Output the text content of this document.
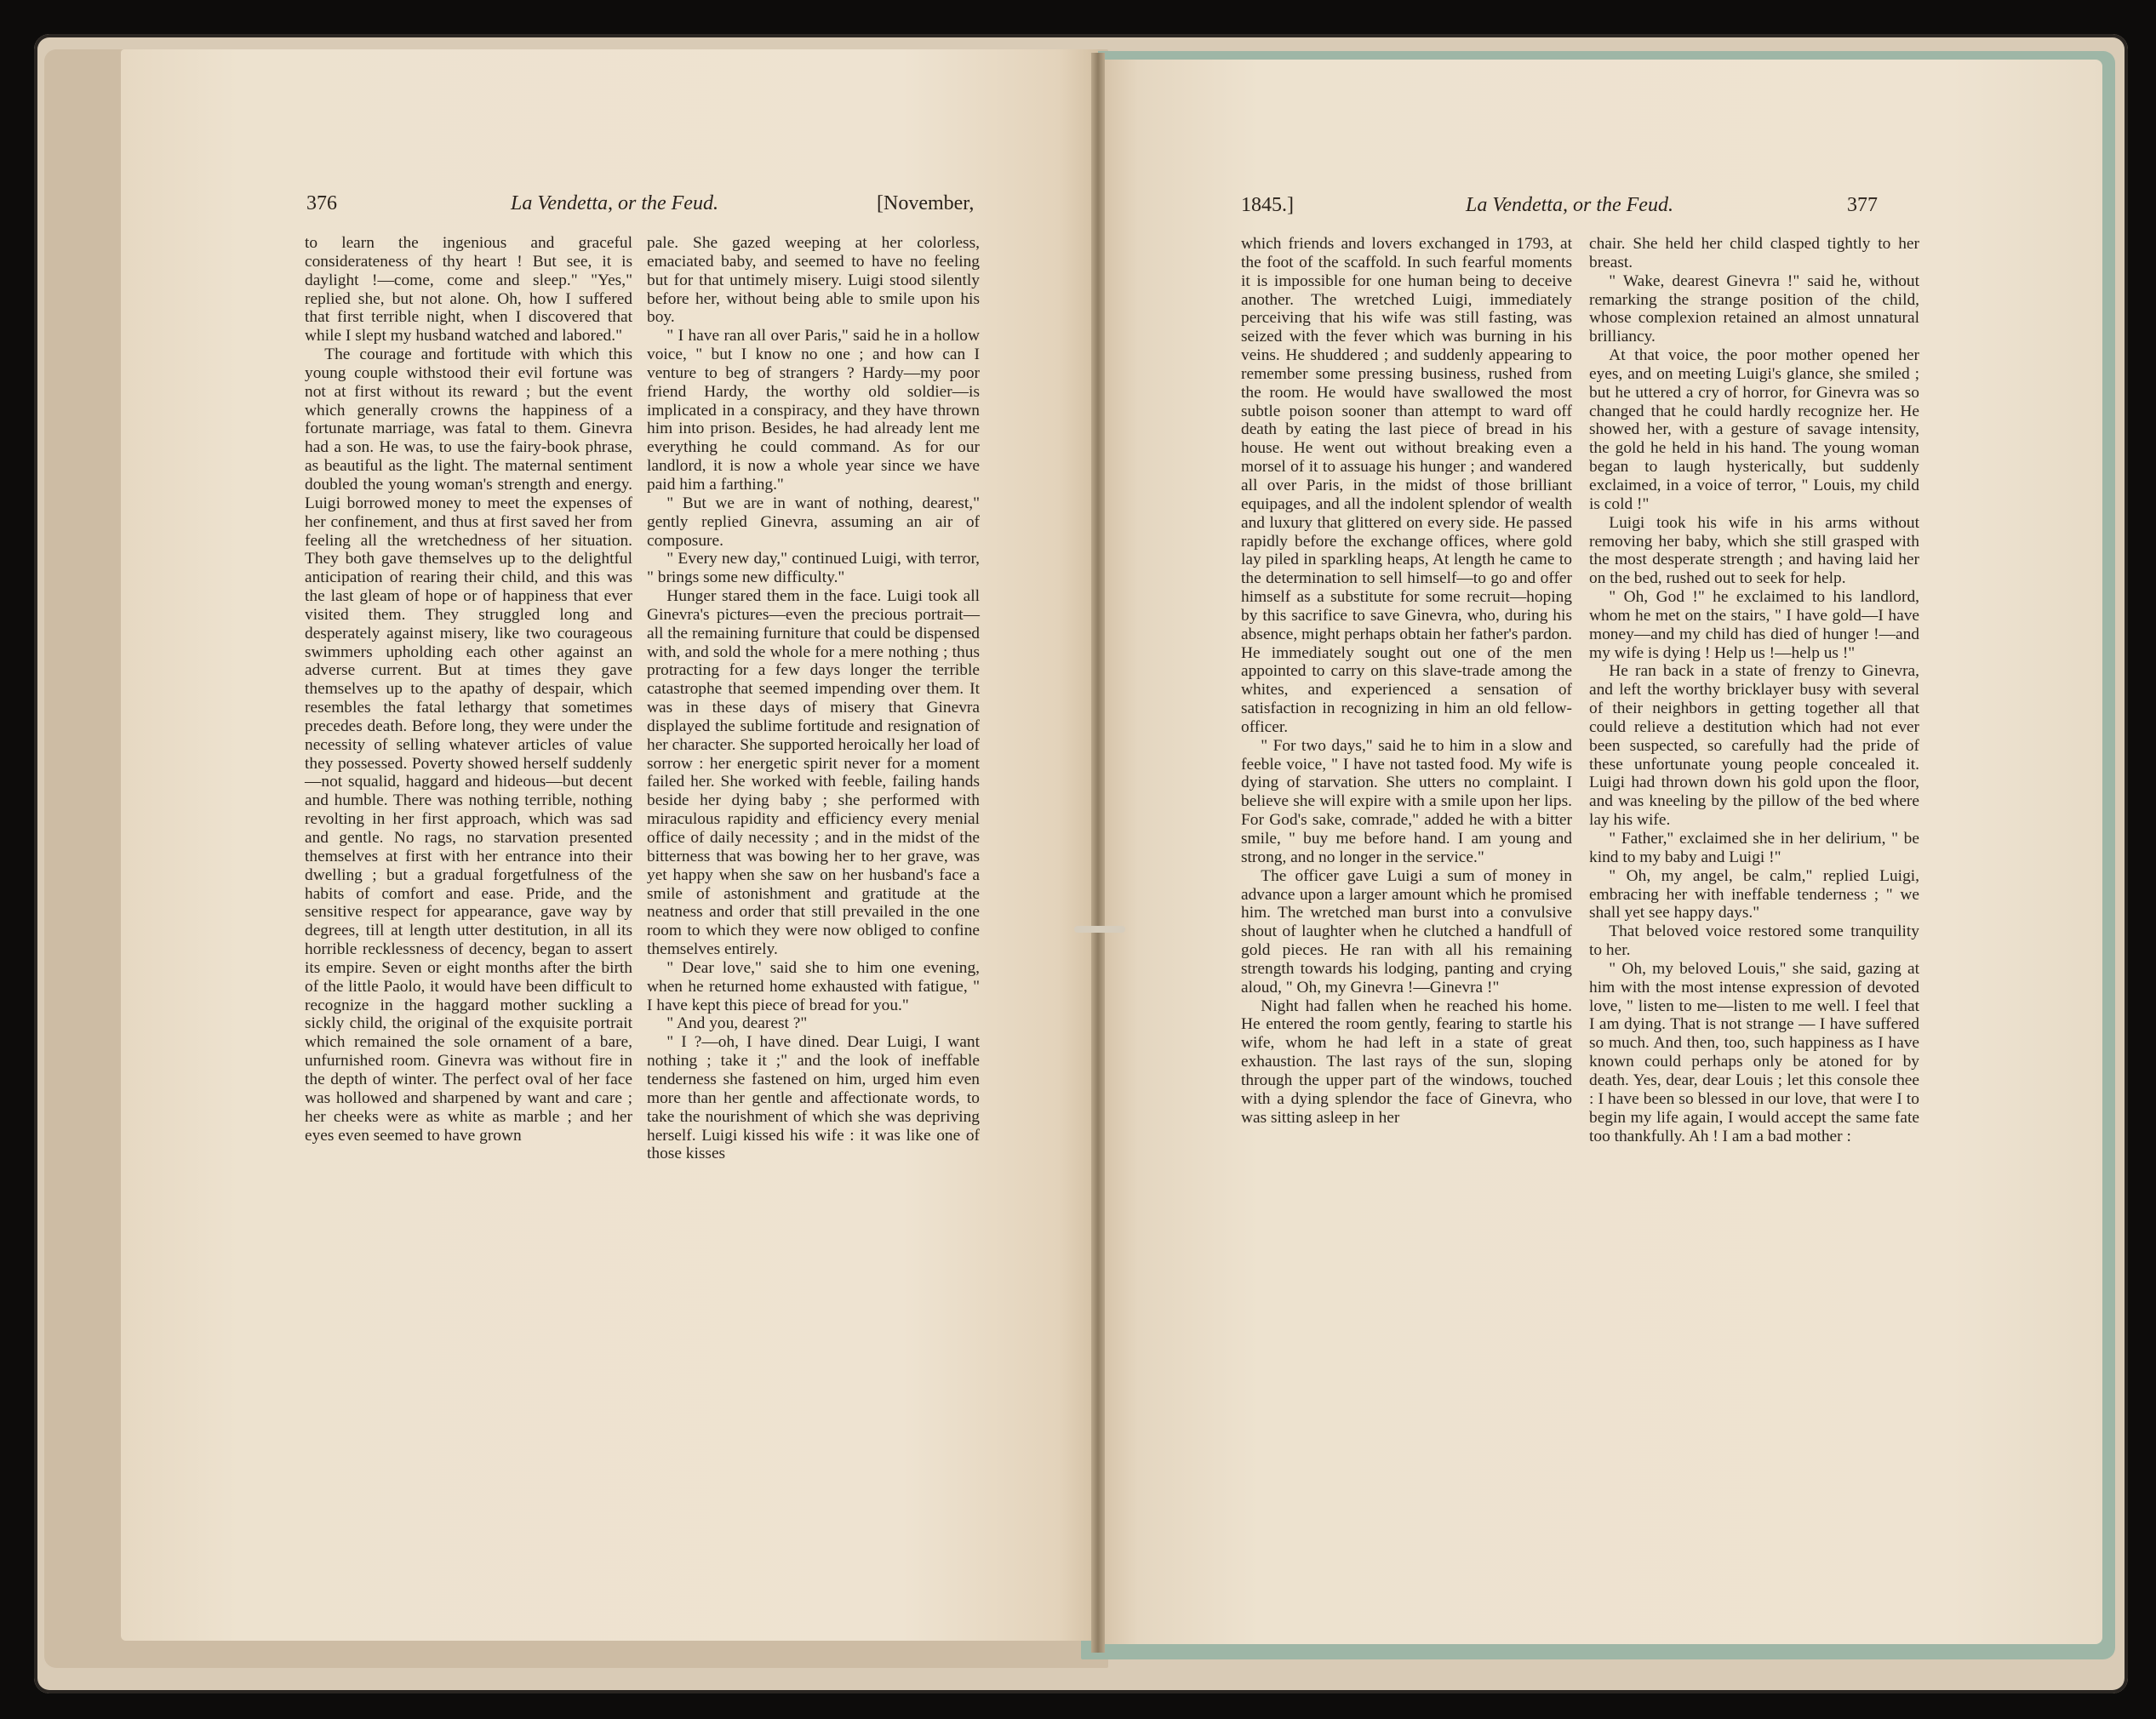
376	La Vendetta, or the Feud.	[November,

to learn the ingenious and graceful considerateness of thy heart ! But see, it is daylight !—come, come and sleep." "Yes," replied she, but not alone. Oh, how I suffered that first terrible night, when I discovered that while I slept my husband watched and labored."

The courage and fortitude with which this young couple withstood their evil fortune was not at first without its reward ; but the event which generally crowns the happiness of a fortunate marriage, was fatal to them. Ginevra had a son. He was, to use the fairy-book phrase, as beautiful as the light. The maternal sentiment doubled the young woman's strength and energy. Luigi borrowed money to meet the expenses of her confinement, and thus at first saved her from feeling all the wretchedness of her situation. They both gave themselves up to the delightful anticipation of rearing their child, and this was the last gleam of hope or of happiness that ever visited them. They struggled long and desperately against misery, like two courageous swimmers upholding each other against an adverse current. But at times they gave themselves up to the apathy of despair, which resembles the fatal lethargy that sometimes precedes death. Before long, they were under the necessity of selling whatever articles of value they possessed. Poverty showed herself suddenly—not squalid, haggard and hideous—but decent and humble. There was nothing terrible, nothing revolting in her first approach, which was sad and gentle. No rags, no starvation presented themselves at first with her entrance into their dwelling ; but a gradual forgetfulness of the habits of comfort and ease. Pride, and the sensitive respect for appearance, gave way by degrees, till at length utter destitution, in all its horrible recklessness of decency, began to assert its empire. Seven or eight months after the birth of the little Paolo, it would have been difficult to recognize in the haggard mother suckling a sickly child, the original of the exquisite portrait which remained the sole ornament of a bare, unfurnished room. Ginevra was without fire in the depth of winter. The perfect oval of her face was hollowed and sharpened by want and care ; her cheeks were as white as marble ; and her eyes even seemed to have grown

pale. She gazed weeping at her colorless, emaciated baby, and seemed to have no feeling but for that untimely misery. Luigi stood silently before her, without being able to smile upon his boy.

" I have ran all over Paris," said he in a hollow voice, " but I know no one ; and how can I venture to beg of strangers ? Hardy—my poor friend Hardy, the worthy old soldier—is implicated in a conspiracy, and they have thrown him into prison. Besides, he had already lent me everything he could command. As for our landlord, it is now a whole year since we have paid him a farthing."

" But we are in want of nothing, dearest," gently replied Ginevra, assuming an air of composure.

" Every new day," continued Luigi, with terror, " brings some new difficulty."

Hunger stared them in the face. Luigi took all Ginevra's pictures—even the precious portrait—all the remaining furniture that could be dispensed with, and sold the whole for a mere nothing ; thus protracting for a few days longer the terrible catastrophe that seemed impending over them. It was in these days of misery that Ginevra displayed the sublime fortitude and resignation of her character. She supported heroically her load of sorrow : her energetic spirit never for a moment failed her. She worked with feeble, failing hands beside her dying baby ; she performed with miraculous rapidity and efficiency every menial office of daily necessity ; and in the midst of the bitterness that was bowing her to her grave, was yet happy when she saw on her husband's face a smile of astonishment and gratitude at the neatness and order that still prevailed in the one room to which they were now obliged to confine themselves entirely.

" Dear love," said she to him one evening, when he returned home exhausted with fatigue, " I have kept this piece of bread for you."

" And you, dearest ?"

" I ?—oh, I have dined. Dear Luigi, I want nothing ; take it ;" and the look of ineffable tenderness she fastened on him, urged him even more than her gentle and affectionate words, to take the nourishment of which she was depriving herself. Luigi kissed his wife : it was like one of those kisses

1845.]	La Vendetta, or the Feud.	377

which friends and lovers exchanged in 1793, at the foot of the scaffold. In such fearful moments it is impossible for one human being to deceive another. The wretched Luigi, immediately perceiving that his wife was still fasting, was seized with the fever which was burning in his veins. He shuddered ; and suddenly appearing to remember some pressing business, rushed from the room. He would have swallowed the most subtle poison sooner than attempt to ward off death by eating the last piece of bread in his house. He went out without breaking even a morsel of it to assuage his hunger ; and wandered all over Paris, in the midst of those brilliant equipages, and all the indolent splendor of wealth and luxury that glittered on every side. He passed rapidly before the exchange offices, where gold lay piled in sparkling heaps, At length he came to the determination to sell himself—to go and offer himself as a substitute for some recruit—hoping by this sacrifice to save Ginevra, who, during his absence, might perhaps obtain her father's pardon. He immediately sought out one of the men appointed to carry on this slave-trade among the whites, and experienced a sensation of satisfaction in recognizing in him an old fellow-officer.

" For two days," said he to him in a slow and feeble voice, " I have not tasted food. My wife is dying of starvation. She utters no complaint. I believe she will expire with a smile upon her lips. For God's sake, comrade," added he with a bitter smile, " buy me before hand. I am young and strong, and no longer in the service."

The officer gave Luigi a sum of money in advance upon a larger amount which he promised him. The wretched man burst into a convulsive shout of laughter when he clutched a handfull of gold pieces. He ran with all his remaining strength towards his lodging, panting and crying aloud, " Oh, my Ginevra !—Ginevra !"

Night had fallen when he reached his home. He entered the room gently, fearing to startle his wife, whom he had left in a state of great exhaustion. The last rays of the sun, sloping through the upper part of the windows, touched with a dying splendor the face of Ginevra, who was sitting asleep in her

chair. She held her child clasped tightly to her breast.

" Wake, dearest Ginevra !" said he, without remarking the strange position of the child, whose complexion retained an almost unnatural brilliancy.

At that voice, the poor mother opened her eyes, and on meeting Luigi's glance, she smiled ; but he uttered a cry of horror, for Ginevra was so changed that he could hardly recognize her. He showed her, with a gesture of savage intensity, the gold he held in his hand. The young woman began to laugh hysterically, but suddenly exclaimed, in a voice of terror, " Louis, my child is cold !"

Luigi took his wife in his arms without removing her baby, which she still grasped with the most desperate strength ; and having laid her on the bed, rushed out to seek for help.

" Oh, God !" he exclaimed to his landlord, whom he met on the stairs, " I have gold—I have money—and my child has died of hunger !—and my wife is dying ! Help us !—help us !"

He ran back in a state of frenzy to Ginevra, and left the worthy bricklayer busy with several of their neighbors in getting together all that could relieve a destitution which had not ever been suspected, so carefully had the pride of these unfortunate young people concealed it. Luigi had thrown down his gold upon the floor, and was kneeling by the pillow of the bed where lay his wife.

" Father," exclaimed she in her delirium, " be kind to my baby and Luigi !"

" Oh, my angel, be calm," replied Luigi, embracing her with ineffable tenderness ; " we shall yet see happy days."

That beloved voice restored some tranquility to her.

" Oh, my beloved Louis," she said, gazing at him with the most intense expression of devoted love, " listen to me—listen to me well. I feel that I am dying. That is not strange — I have suffered so much. And then, too, such happiness as I have known could perhaps only be atoned for by death. Yes, dear, dear Louis ; let this console thee : I have been so blessed in our love, that were I to begin my life again, I would accept the same fate too thankfully. Ah ! I am a bad mother :
